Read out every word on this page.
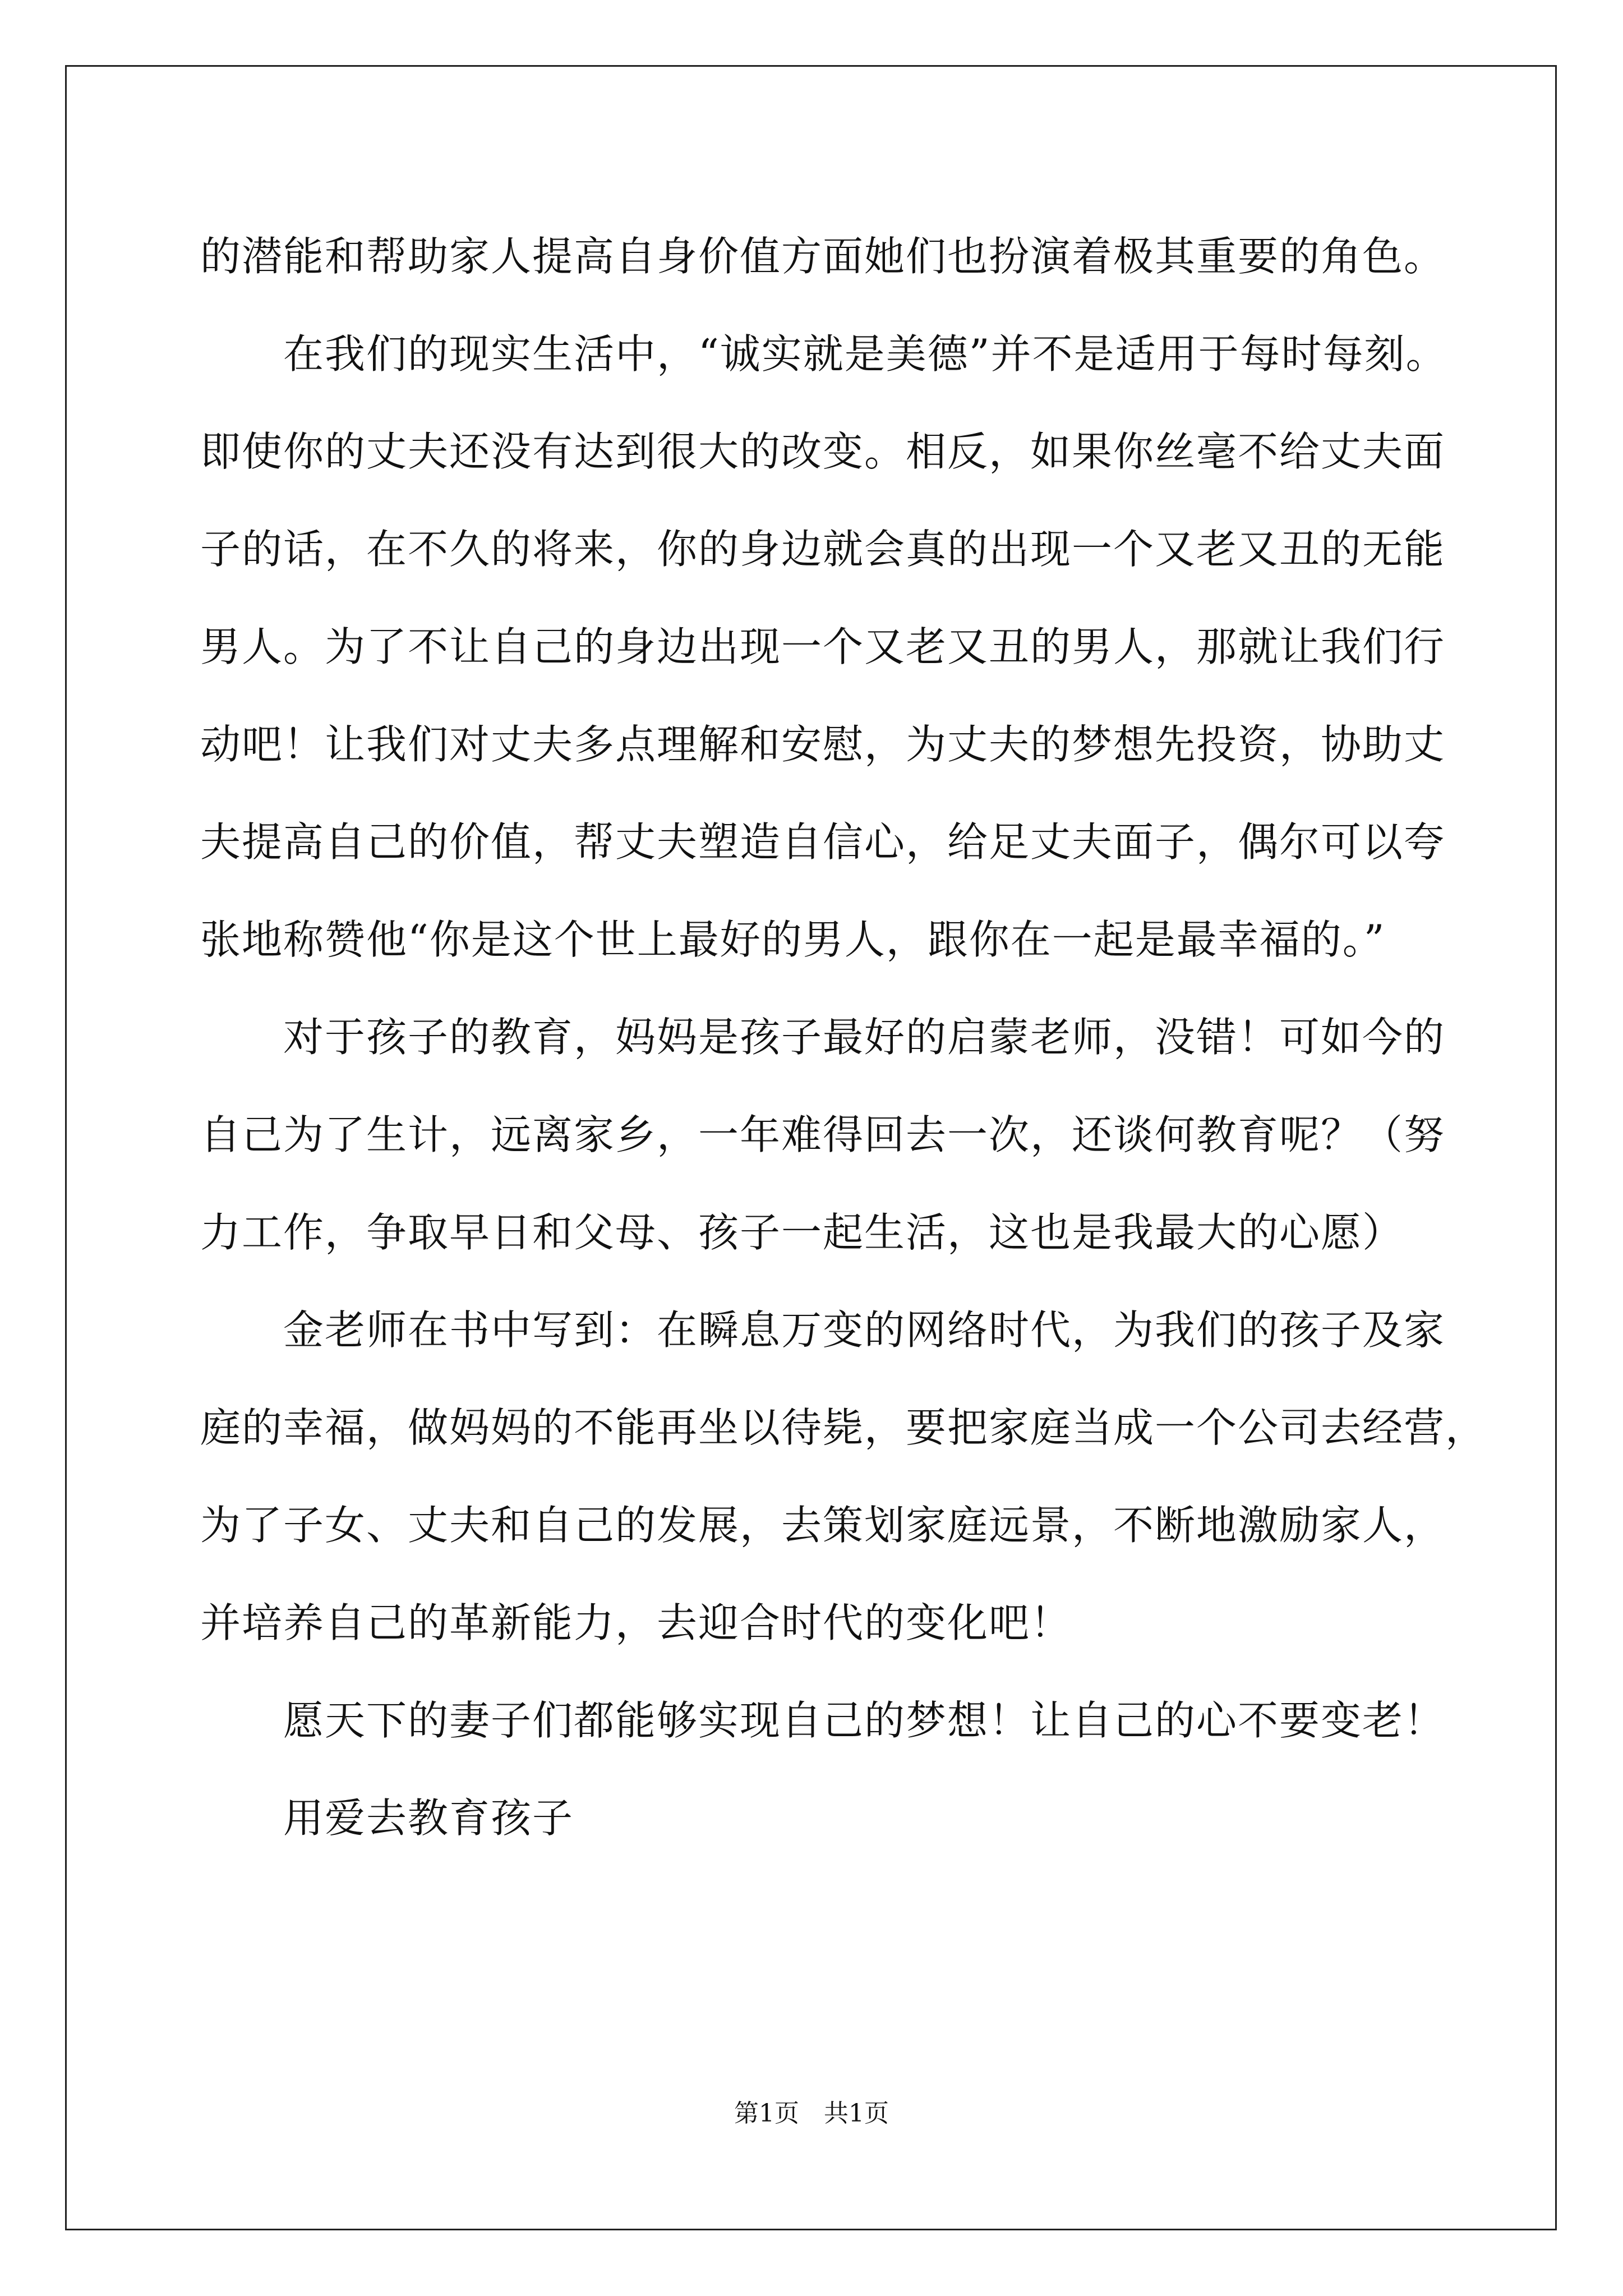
的潜能和帮助家人提高自身价值方面她们也扮演着极其重要的角色。
在我们的现实生活中，“诚实就是美德”并不是适用于每时每刻。
即使你的丈夫还没有达到很大的改变。相反，如果你丝毫不给丈夫面
子的话，在不久的将来，你的身边就会真的出现一个又老又丑的无能
男人。为了不让自己的身边出现一个又老又丑的男人，那就让我们行
动吧！让我们对丈夫多点理解和安慰，为丈夫的梦想先投资，协助丈
夫提高自己的价值，帮丈夫塑造自信心，给足丈夫面子，偶尔可以夸
张地称赞他“你是这个世上最好的男人，跟你在一起是最幸福的。”
对于孩子的教育，妈妈是孩子最好的启蒙老师，没错！可如今的
自己为了生计，远离家乡，一年难得回去一次，还谈何教育呢？（努
力工作，争取早日和父母、孩子一起生活，这也是我最大的心愿）
金老师在书中写到：在瞬息万变的网络时代，为我们的孩子及家
庭的幸福，做妈妈的不能再坐以待毙，要把家庭当成一个公司去经营，
为了子女、丈夫和自己的发展，去策划家庭远景，不断地激励家人，
并培养自己的革新能力，去迎合时代的变化吧！
愿天下的妻子们都能够实现自己的梦想！让自己的心不要变老！
用爱去教育孩子
第1页　共1页
